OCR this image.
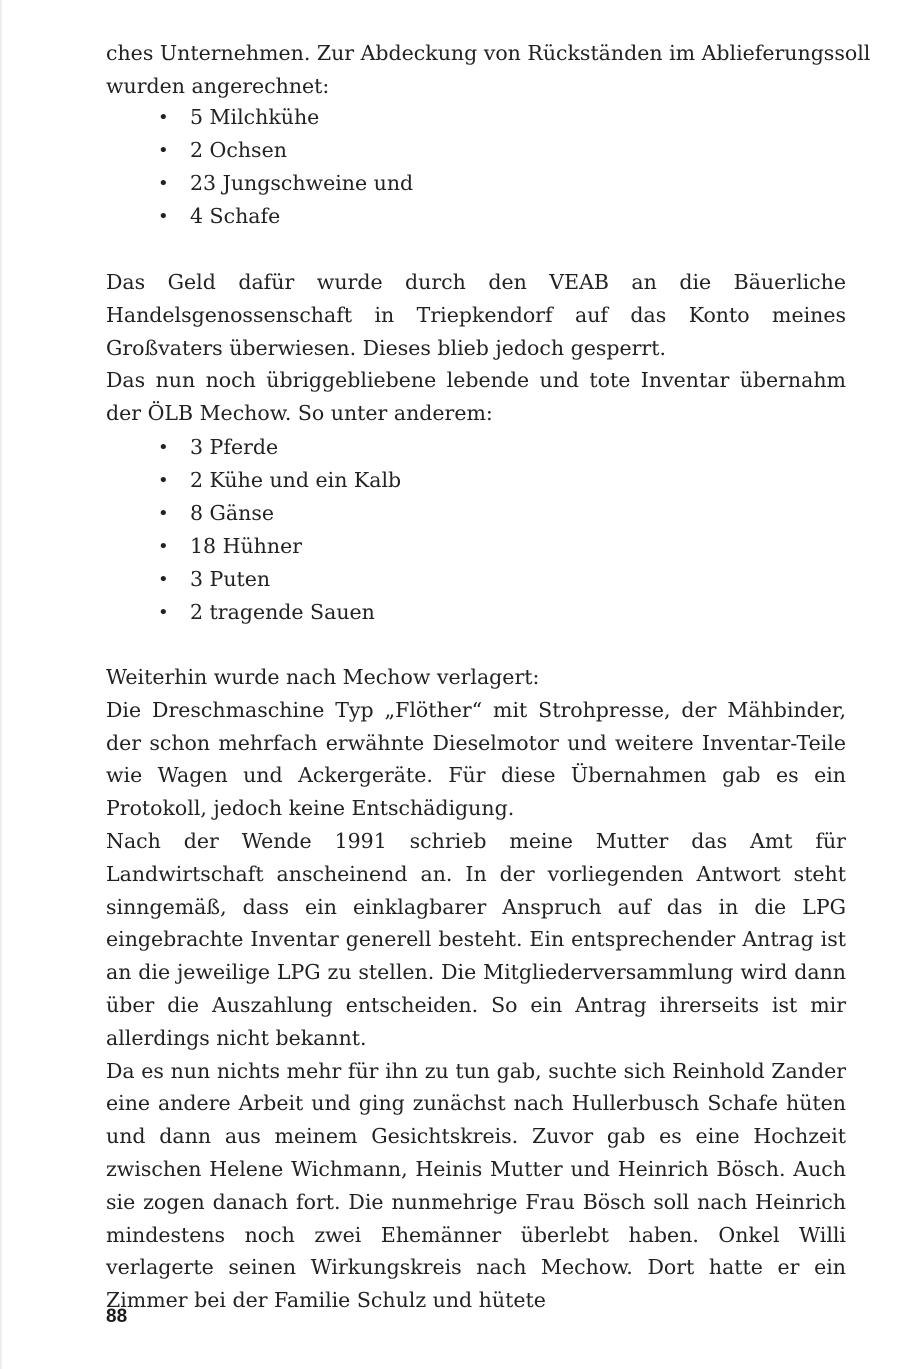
ches Unternehmen. Zur Abdeckung von Rückständen im Ablieferungssoll

wurden angerechnet:

• 5 Milchkühe
• 2 Ochsen
• 23 Jungschweine und
• 4 Schafe

Das Geld dafür wurde durch den VEAB an die Bäuerliche Handelsgenossenschaft in Triepkendorf auf das Konto meines Großvaters überwiesen. Dieses blieb jedoch gesperrt.

Das nun noch übriggebliebene lebende und tote Inventar übernahm der ÖLB Mechow. So unter anderem:

• 3 Pferde
• 2 Kühe und ein Kalb
• 8 Gänse
• 18 Hühner
• 3 Puten
• 2 tragende Sauen

Weiterhin wurde nach Mechow verlagert:

Die Dreschmaschine Typ „Flöther“ mit Strohpresse, der Mähbinder, der schon mehrfach erwähnte Dieselmotor und weitere Inventar-Teile wie Wagen und Ackergeräte. Für diese Übernahmen gab es ein Protokoll, jedoch keine Entschädigung.

Nach der Wende 1991 schrieb meine Mutter das Amt für Landwirtschaft anscheinend an. In der vorliegenden Antwort steht sinngemäß, dass ein einklagbarer Anspruch auf das in die LPG eingebrachte Inventar generell besteht. Ein entsprechender Antrag ist an die jeweilige LPG zu stellen. Die Mitgliederversammlung wird dann über die Auszahlung entscheiden. So ein Antrag ihrerseits ist mir allerdings nicht bekannt.

Da es nun nichts mehr für ihn zu tun gab, suchte sich Reinhold Zander eine andere Arbeit und ging zunächst nach Hullerbusch Schafe hüten und dann aus meinem Gesichtskreis. Zuvor gab es eine Hochzeit zwischen Helene Wichmann, Heinis Mutter und Heinrich Bösch. Auch sie zogen danach fort. Die nunmehrige Frau Bösch soll nach Heinrich mindestens noch zwei Ehemänner überlebt haben. Onkel Willi verlagerte seinen Wirkungskreis nach Mechow. Dort hatte er ein Zimmer bei der Familie Schulz und hütete

88
